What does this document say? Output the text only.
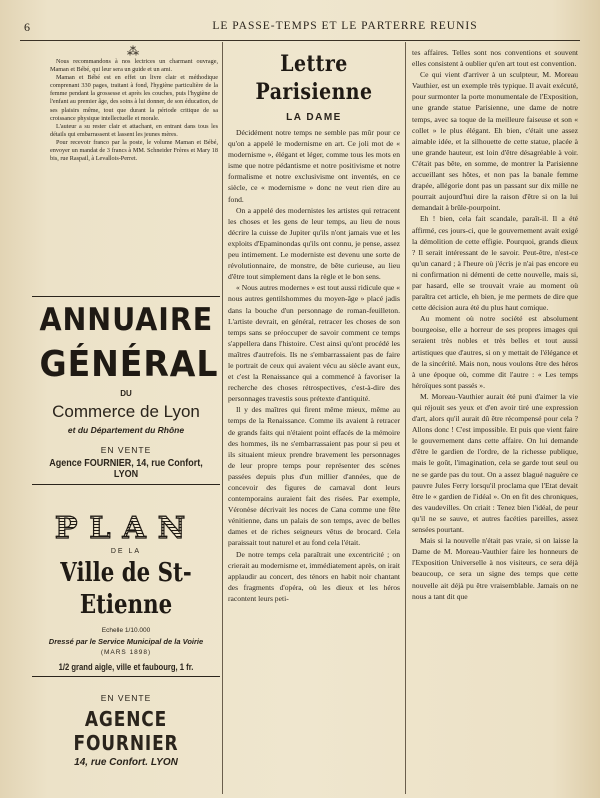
6	LE PASSE-TEMPS ET LE PARTERRE REUNIS
⁂

Nous recommandons à nos lectrices un charmant ouvrage, Maman et Bébé, qui leur sera un guide et un ami.

Maman et Bébé est en effet un livre clair et méthodique comprenant 330 pages, traitant à fond, l'hygiène particulière de la femme pendant la grossesse et après les couches, puis l'hygiène de l'enfant au premier âge, des soins à lui donner, de son éducation, de ses plaisirs même, tout que durant la période critique de sa croissance physique intellectuelle et morale.

L'auteur a su rester clair et attachant, en entrant dans tous les détails qui embarrassent et lassent les jeunes mères.

Pour recevoir franco par la poste, le volume Maman et Bébé, envoyer un mandat de 3 francs à MM. Schneider Frères et Mary 18 bis, rue Raspail, à Levallois-Perret.

ANNUAIRE
GÉNÉRAL
DU
Commerce de Lyon
et du Département du Rhône
EN VENTE
Agence FOURNIER, 14, rue Confort, LYON
PLAN
DE LA
Ville de St-Etienne
Echelle 1/10.000
Dressé par le Service Municipal de la Voirie
(MARS 1898)
1/2 grand aigle, ville et faubourg, 1 fr.
EN VENTE
AGENCE FOURNIER
14, rue Confort. LYON
Lettre Parisienne
LA DAME

Décidément notre temps ne semble pas mûr pour ce qu'on a appelé le modernisme en art. Ce joli mot de « modernisme », élégant et léger, comme tous les mots en isme que notre pédantisme et notre positivisme et notre formalisme et notre exclusivisme ont inventés, en ce siècle, ce « modernisme » donc ne veut rien dire au fond.

On a appelé des modernistes les artistes qui retracent les choses et les gens de leur temps, au lieu de nous décrire la cuisse de Jupiter qu'ils n'ont jamais vue et les exploits d'Epaminondas qu'ils ont connu, je pense, assez peu intimement. Le moderniste est devenu une sorte de révolutionnaire, de monstre, de bête curieuse, au lieu d'être tout simplement dans la règle et le bon sens.

« Nous autres modernes » est tout aussi ridicule que « nous autres gentilshommes du moyen-âge » placé jadis dans la bouche d'un personnage de roman-feuilleton. L'artiste devrait, en général, retracer les choses de son temps sans se préoccuper de savoir comment ce temps s'appellera dans l'histoire. C'est ainsi qu'ont procédé les maîtres d'autrefois. Ils ne s'embarrassaient pas de faire le portrait de ceux qui avaient vécu au siècle avant eux, et c'est la Renaissance qui a commencé à favoriser la recherche des choses rétrospectives, c'est-à-dire des personnages travestis sous prétexte d'antiquité.

Il y des maîtres qui firent même mieux, même au temps de la Renaissance. Comme ils avaient à retracer de grands faits qui n'étaient point effacés de la mémoire des hommes, ils ne s'embarrassaient pas pour si peu et ils situaient mieux prendre bravement les personnages de leur propre temps pour représenter des scènes passées depuis plus d'un millier d'années, que de concevoir des figures de carnaval dont leurs contemporains auraient fait des risées. Par exemple, Véronèse décrivait les noces de Cana comme une fête vénitienne, dans un palais de son temps, avec de belles dames et de riches seigneurs vêtus de brocard. Cela paraissait tout naturel et au fond cela l'était.

De notre temps cela paraîtrait une excentricité ; on crierait au modernisme et, immédiatement après, on irait applaudir au concert, des ténors en habit noir chantant des fragments d'opéra, où les dieux et les héros racontent leurs peti-

tes affaires. Telles sont nos conventions et souvent elles consistent à oublier qu'en art tout est convention.

Ce qui vient d'arriver à un sculpteur, M. Moreau Vauthier, est un exemple très typique. Il avait exécuté, pour surmonter la porte monumentale de l'Exposition, une grande statue Parisienne, une dame de notre temps, avec sa toque de la meilleure faiseuse et son « collet » le plus élégant. Eh bien, c'était une assez aimable idée, et la silhouette de cette statue, placée à une grande hauteur, est loin d'être désagréable à voir. C'était pas bête, en somme, de montrer la Parisienne accueillant ses hôtes, et non pas la banale femme drapée, allégorie dont pas un passant sur dix mille ne pourrait aujourd'hui dire la raison d'être si on la lui demandait à brûle-pourpoint.

Eh ! bien, cela fait scandale, paraît-il. Il a été affirmé, ces jours-ci, que le gouvernement avait exigé la démolition de cette effigie. Pourquoi, grands dieux ? Il serait intéressant de le savoir. Peut-être, n'est-ce qu'un canard ; à l'heure où j'écris je n'ai pas encore eu ni confirmation ni démenti de cette nouvelle, mais si, par hasard, elle se trouvait vraie au moment où paraîtra cet article, eh bien, je me permets de dire que cette décision aura été du plus haut comique.

Au moment où notre société est absolument bourgeoise, elle a horreur de ses propres images qui seraient très nobles et très belles et tout aussi artistiques que d'autres, si on y mettait de l'élégance et de la sincérité. Mais non, nous voulons être des héros à une époque où, comme dit l'autre : « Les temps héroïques sont passés ».

M. Moreau-Vauthier aurait été puni d'aimer la vie qui réjouit ses yeux et d'en avoir tiré une expression d'art, alors qu'il aurait dû être récompensé pour cela ? Allons donc ! C'est impossible. Et puis que vient faire le gouvernement dans cette affaire. On lui demande d'être le gardien de l'ordre, de la richesse publique, mais le goût, l'imagination, cela se garde tout seul ou ne se garde pas du tout. On a assez blagué naguère ce pauvre Jules Ferry lorsqu'il proclama que l'Etat devait être le « gardien de l'idéal ». On en fit des chroniques, des vaudevilles. On criait : Tenez bien l'idéal, de peur qu'il ne se sauve, et autres facéties pareilles, assez sensées pourtant.

Mais si la nouvelle n'était pas vraie, si on laisse la Dame de M. Moreau-Vauthier faire les honneurs de l'Exposition Universelle à nos visiteurs, ce sera déjà beaucoup, ce sera un signe des temps que cette nouvelle ait déjà pu être vraisemblable. Jamais on ne nous a tant dit que
